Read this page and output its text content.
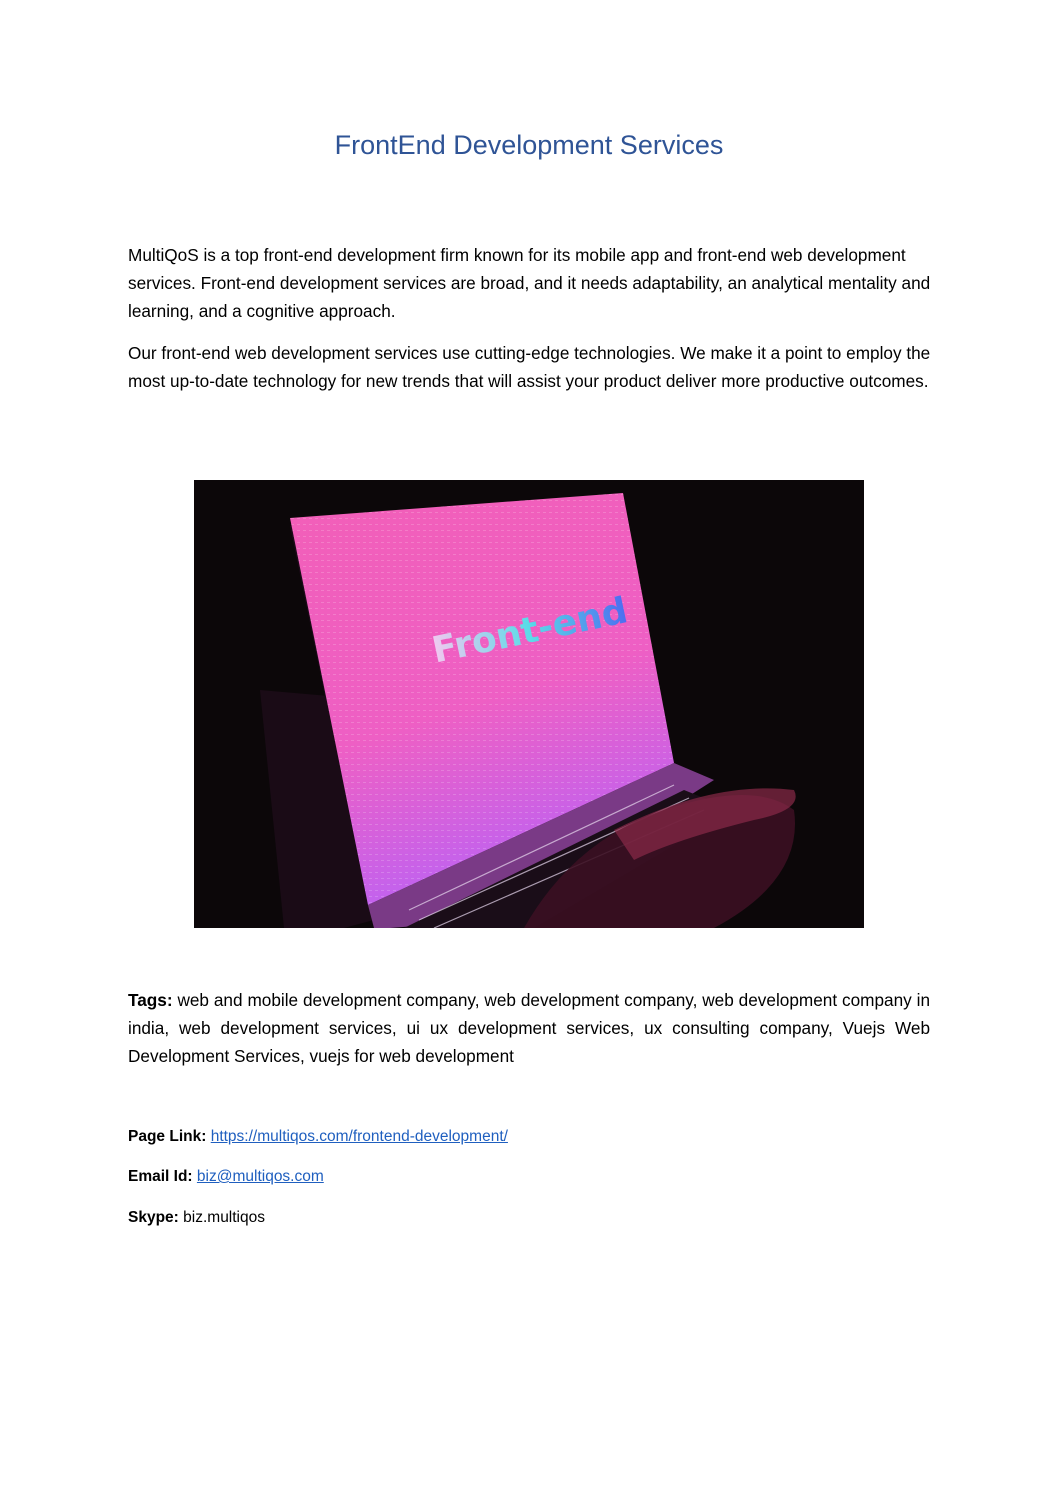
FrontEnd Development Services

MultiQoS is a top front-end development firm known for its mobile app and front-end web development services. Front-end development services are broad, and it needs adaptability, an analytical mentality and learning, and a cognitive approach.

Our front-end web development services use cutting-edge technologies. We make it a point to employ the most up-to-date technology for new trends that will assist your product deliver more productive outcomes.

Front-end

Tags: web and mobile development company, web development company, web development company in india, web development services, ui ux development services, ux consulting company, Vuejs Web Development Services, vuejs for web development

Page Link: https://multiqos.com/frontend-development/
Email Id: biz@multiqos.com
Skype: biz.multiqos
